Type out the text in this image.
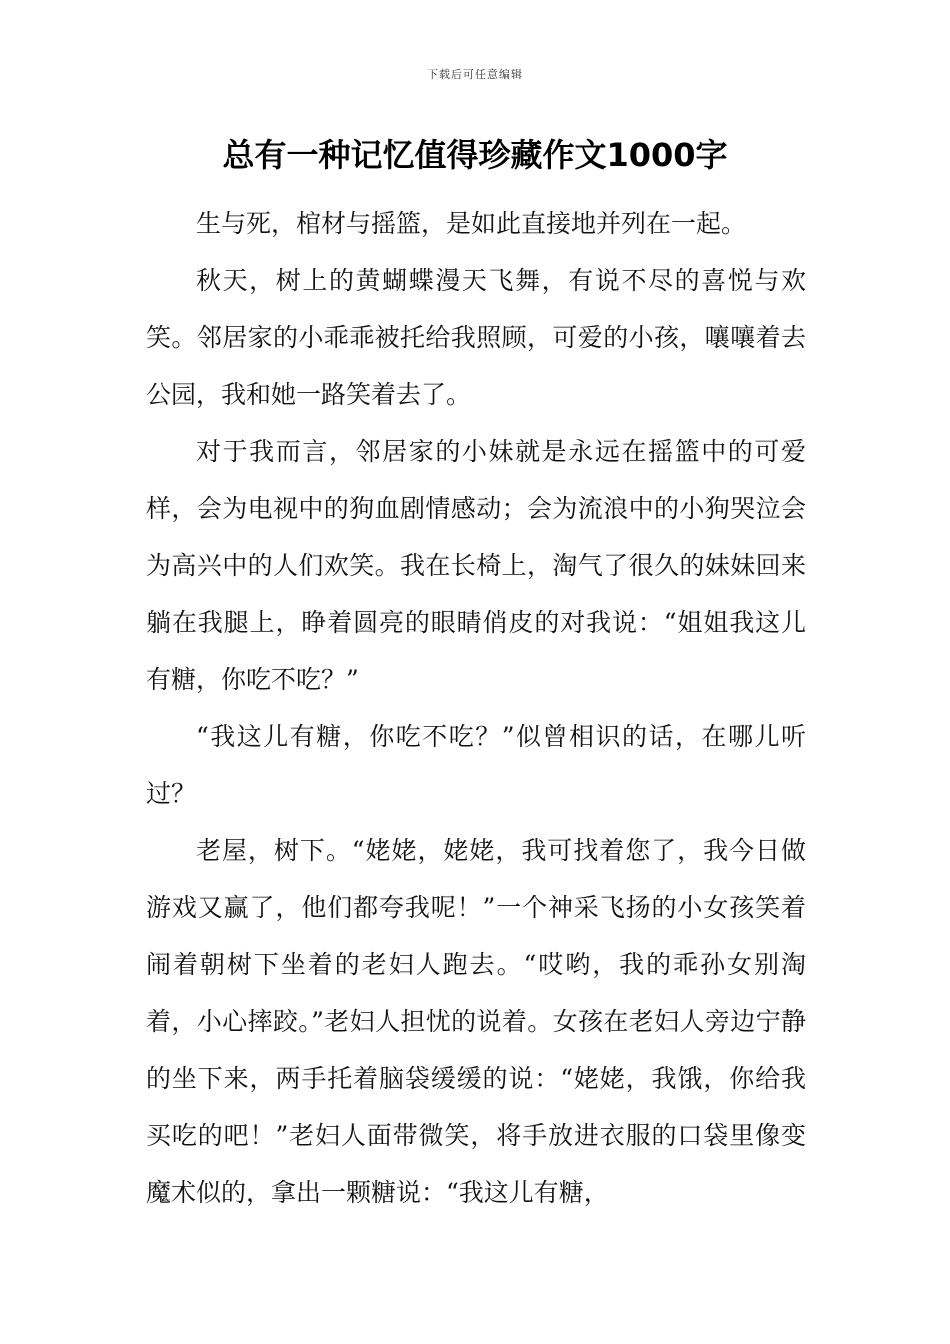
下载后可任意编辑
总有一种记忆值得珍藏作文1000字

生与死，棺材与摇篮，是如此直接地并列在一起。

秋天，树上的黄蝴蝶漫天飞舞，有说不尽的喜悦与欢笑。邻居家的小乖乖被托给我照顾，可爱的小孩，嚷嚷着去公园，我和她一路笑着去了。

对于我而言，邻居家的小妹就是永远在摇篮中的可爱样，会为电视中的狗血剧情感动；会为流浪中的小狗哭泣会为高兴中的人们欢笑。我在长椅上，淘气了很久的妹妹回来躺在我腿上，睁着圆亮的眼睛俏皮的对我说：“姐姐我这儿有糖，你吃不吃？”

“我这儿有糖，你吃不吃？”似曾相识的话，在哪儿听过？

老屋，树下。“姥姥，姥姥，我可找着您了，我今日做游戏又赢了，他们都夸我呢！”一个神采飞扬的小女孩笑着闹着朝树下坐着的老妇人跑去。“哎哟，我的乖孙女别淘着，小心摔跤。”老妇人担忧的说着。女孩在老妇人旁边宁静的坐下来，两手托着脑袋缓缓的说：“姥姥，我饿，你给我买吃的吧！”老妇人面带微笑，将手放进衣服的口袋里像变魔术似的，拿出一颗糖说：“我这儿有糖，
